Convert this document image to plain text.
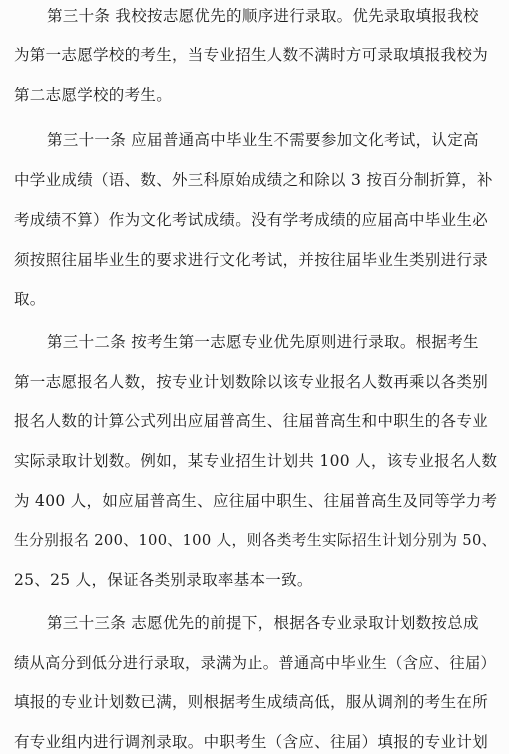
第三十条 我校按志愿优先的顺序进行录取。优先录取填报我校
为第一志愿学校的考生，当专业招生人数不满时方可录取填报我校为
第二志愿学校的考生。
第三十一条 应届普通高中毕业生不需要参加文化考试，认定高
中学业成绩（语、数、外三科原始成绩之和除以 3 按百分制折算，补
考成绩不算）作为文化考试成绩。没有学考成绩的应届高中毕业生必
须按照往届毕业生的要求进行文化考试，并按往届毕业生类别进行录
取。
第三十二条 按考生第一志愿专业优先原则进行录取。根据考生
第一志愿报名人数，按专业计划数除以该专业报名人数再乘以各类别
报名人数的计算公式列出应届普高生、往届普高生和中职生的各专业
实际录取计划数。例如，某专业招生计划共 100 人，该专业报名人数
为 400 人，如应届普高生、应往届中职生、往届普高生及同等学力考
生分别报名 200、100、100 人，则各类考生实际招生计划分别为 50、
25、25 人，保证各类别录取率基本一致。
第三十三条 志愿优先的前提下，根据各专业录取计划数按总成
绩从高分到低分进行录取，录满为止。普通高中毕业生（含应、往届）
填报的专业计划数已满，则根据考生成绩高低，服从调剂的考生在所
有专业组内进行调剂录取。中职考生（含应、往届）填报的专业计划
